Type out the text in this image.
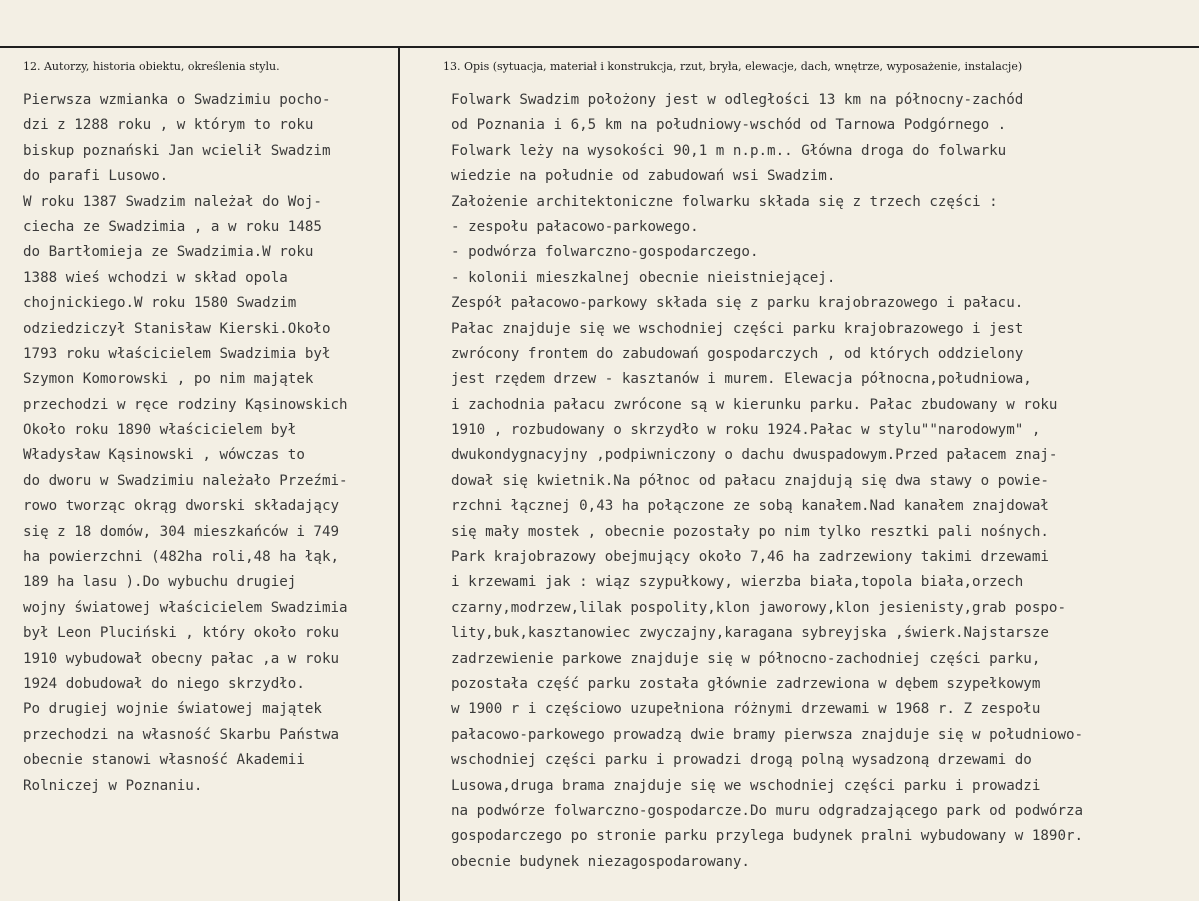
12. Autorzy, historia obiektu, określenia stylu.	13. Opis (sytuacja, materiał i konstrukcja, rzut, bryła, elewacje, dach, wnętrze, wyposażenie, instalacje)

Pierwsza wzmianka o Swadzimiu pocho-
dzi z 1288 roku , w którym to roku
biskup poznański Jan wcielił Swadzim
do parafi Lusowo.
W roku 1387 Swadzim należał do Woj-
ciecha ze Swadzimia , a w roku 1485
do Bartłomieja ze Swadzimia.W roku
1388 wieś wchodzi w skład opola
chojnickiego.W roku 1580 Swadzim
odziedziczył Stanisław Kierski.Około
1793 roku właścicielem Swadzimia był
Szymon Komorowski , po nim majątek
przechodzi w ręce rodziny Kąsinowskich
Około roku 1890 właścicielem był
Władysław Kąsinowski , wówczas to
do dworu w Swadzimiu należało Przeźmi-
rowo tworząc okrąg dworski składający
się z 18 domów, 304 mieszkańców i 749
ha powierzchni (482ha roli,48 ha łąk,
189 ha lasu ).Do wybuchu drugiej
wojny światowej właścicielem Swadzimia
był Leon Pluciński , który około roku
1910 wybudował obecny pałac ,a w roku
1924 dobudował do niego skrzydło.
Po drugiej wojnie światowej majątek
przechodzi na własność Skarbu Państwa
obecnie stanowi własność Akademii
Rolniczej w Poznaniu.
Folwark Swadzim położony jest w odległości 13 km na północny-zachód
od Poznania i 6,5 km na południowy-wschód od Tarnowa Podgórnego .
Folwark leży na wysokości 90,1 m n.p.m.. Główna droga do folwarku
wiedzie na południe od zabudowań wsi Swadzim.
Założenie architektoniczne folwarku składa się z trzech części :
- zespołu pałacowo-parkowego.
- podwórza folwarczno-gospodarczego.
- kolonii mieszkalnej obecnie nieistniejącej.
Zespół pałacowo-parkowy składa się z parku krajobrazowego i pałacu.
Pałac znajduje się we wschodniej części parku krajobrazowego i jest
zwrócony frontem do zabudowań gospodarczych , od których oddzielony
jest rzędem drzew - kasztanów i murem. Elewacja północna,południowa,
i zachodnia pałacu zwrócone są w kierunku parku. Pałac zbudowany w roku
1910 , rozbudowany o skrzydło w roku 1924.Pałac w stylu""narodowym" ,
dwukondygnacyjny ,podpiwniczony o dachu dwuspadowym.Przed pałacem znaj-
dował się kwietnik.Na północ od pałacu znajdują się dwa stawy o powie-
rzchni łącznej 0,43 ha połączone ze sobą kanałem.Nad kanałem znajdował
się mały mostek , obecnie pozostały po nim tylko resztki pali nośnych.
Park krajobrazowy obejmujący około 7,46 ha zadrzewiony takimi drzewami
i krzewami jak : wiąz szypułkowy, wierzba biała,topola biała,orzech
czarny,modrzew,lilak pospolity,klon jaworowy,klon jesienisty,grab pospo-
lity,buk,kasztanowiec zwyczajny,karagana sybreyjska ,świerk.Najstarsze
zadrzewienie parkowe znajduje się w północno-zachodniej części parku,
pozostała część parku została głównie zadrzewiona w dębem szypełkowym
w 1900 r i częściowo uzupełniona różnymi drzewami w 1968 r. Z zespołu
pałacowo-parkowego prowadzą dwie bramy pierwsza znajduje się w południowo-
wschodniej części parku i prowadzi drogą polną wysadzoną drzewami do
Lusowa,druga brama znajduje się we wschodniej części parku i prowadzi
na podwórze folwarczno-gospodarcze.Do muru odgradzającego park od podwórza
gospodarczego po stronie parku przylega budynek pralni wybudowany w 1890r.
obecnie budynek niezagospodarowany.
